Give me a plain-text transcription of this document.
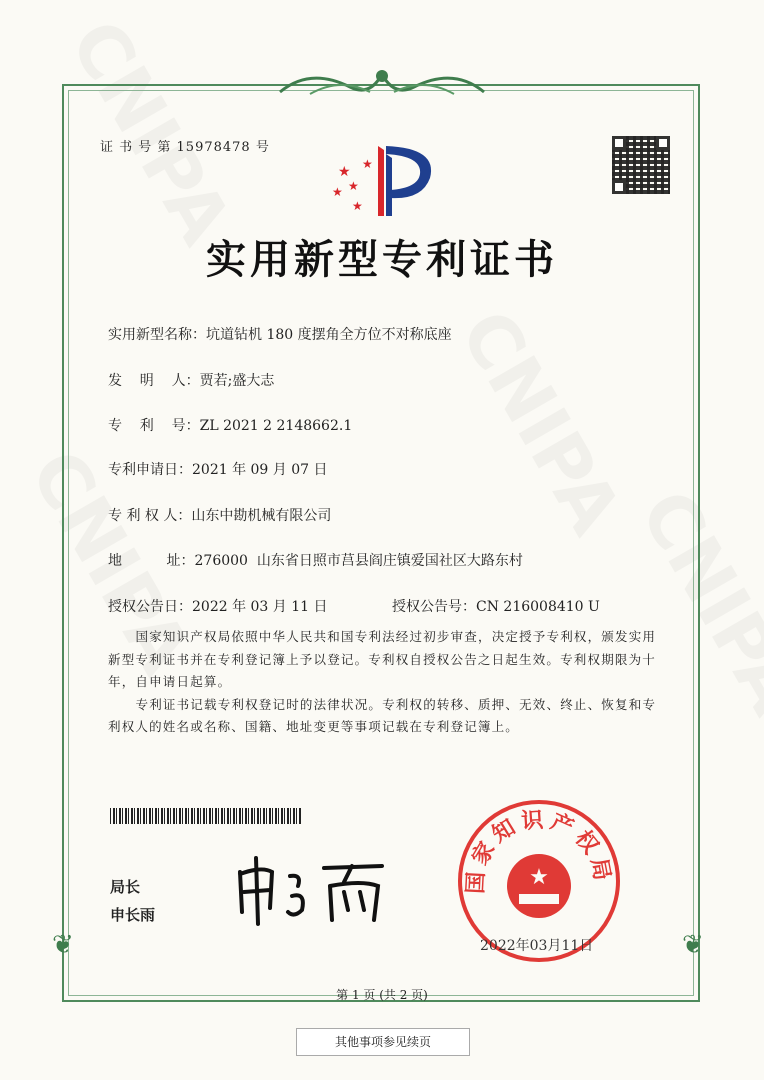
❦	❦
证 书 号 第 15978478 号
★
★
★
★
★
实用新型专利证书
实用新型名称：坑道钻机 180 度摆角全方位不对称底座
发    明    人：贾若;盛大志
专    利    号：ZL 2021 2 2148662.1
专利申请日：2021 年 09 月 07 日
专 利 权 人：山东中勘机械有限公司
地          址：276000  山东省日照市莒县阎庄镇爱国社区大路东村
授权公告日：2022 年 03 月 11 日	授权公告号：CN 216008410 U

国家知识产权局依照中华人民共和国专利法经过初步审查，决定授予专利权，颁发实用新型专利证书并在专利登记簿上予以登记。专利权自授权公告之日起生效。专利权期限为十年，自申请日起算。

专利证书记载专利权登记时的法律状况。专利权的转移、质押、无效、终止、恢复和专利权人的姓名或名称、国籍、地址变更等事项记载在专利登记簿上。

局长
申长雨
国家知识产权局
★
2022年03月11日
第 1 页 (共 2 页)
其他事项参见续页
